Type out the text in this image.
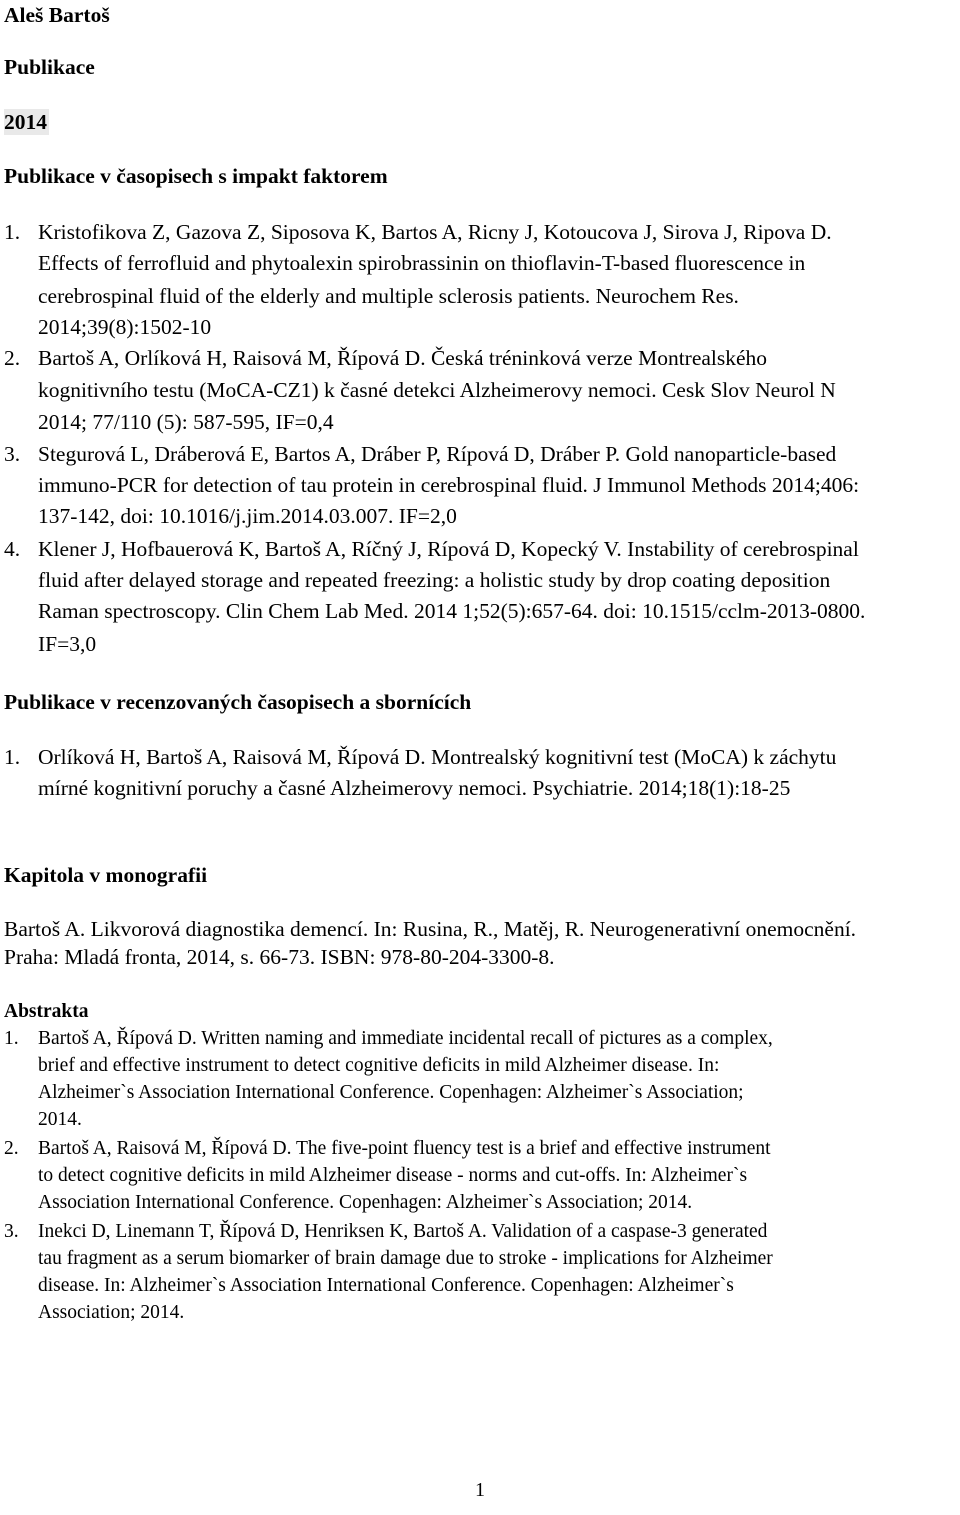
Aleš Bartoš
Publikace
2014
Publikace v časopisech s impakt faktorem
1. Kristofikova Z, Gazova Z, Siposova K, Bartos A, Ricny J, Kotoucova J, Sirova J, Ripova D.
Effects of ferrofluid and phytoalexin spirobrassinin on thioflavin-T-based fluorescence in
cerebrospinal fluid of the elderly and multiple sclerosis patients. Neurochem Res.
2014;39(8):1502-10
2. Bartoš A, Orlíková H, Raisová M, Řípová D. Česká tréninková verze Montrealského
kognitivního testu (MoCA-CZ1) k časné detekci Alzheimerovy nemoci. Cesk Slov Neurol N
2014; 77/110 (5): 587-595, IF=0,4
3. Stegurová L, Dráberová E, Bartos A, Dráber P, Rípová D, Dráber P. Gold nanoparticle-based
immuno-PCR for detection of tau protein in cerebrospinal fluid. J Immunol Methods 2014;406:
137-142, doi: 10.1016/j.jim.2014.03.007. IF=2,0
4. Klener J, Hofbauerová K, Bartoš A, Ríčný J, Rípová D, Kopecký V. Instability of cerebrospinal
fluid after delayed storage and repeated freezing: a holistic study by drop coating deposition
Raman spectroscopy. Clin Chem Lab Med. 2014 1;52(5):657-64. doi: 10.1515/cclm-2013-0800.
IF=3,0
Publikace v recenzovaných časopisech a sbornících
1. Orlíková H, Bartoš A, Raisová M, Řípová D. Montrealský kognitivní test (MoCA) k záchytu
mírné kognitivní poruchy a časné Alzheimerovy nemoci. Psychiatrie. 2014;18(1):18-25
Kapitola v monografii
Bartoš A. Likvorová diagnostika demencí. In: Rusina, R., Matěj, R. Neurogenerativní onemocnění.
Praha: Mladá fronta, 2014, s. 66-73. ISBN: 978-80-204-3300-8.
Abstrakta
1. Bartoš A, Řípová D. Written naming and immediate incidental recall of pictures as a complex,
brief and effective instrument to detect cognitive deficits in mild Alzheimer disease. In:
Alzheimer`s Association International Conference. Copenhagen: Alzheimer`s Association;
2014.
2. Bartoš A, Raisová M, Řípová D. The five-point fluency test is a brief and effective instrument
to detect cognitive deficits in mild Alzheimer disease - norms and cut-offs. In: Alzheimer`s
Association International Conference. Copenhagen: Alzheimer`s Association; 2014.
3. Inekci D, Linemann T, Řípová D, Henriksen K, Bartoš A. Validation of a caspase-3 generated
tau fragment as a serum biomarker of brain damage due to stroke - implications for Alzheimer
disease. In: Alzheimer`s Association International Conference. Copenhagen: Alzheimer`s
Association; 2014.
1
